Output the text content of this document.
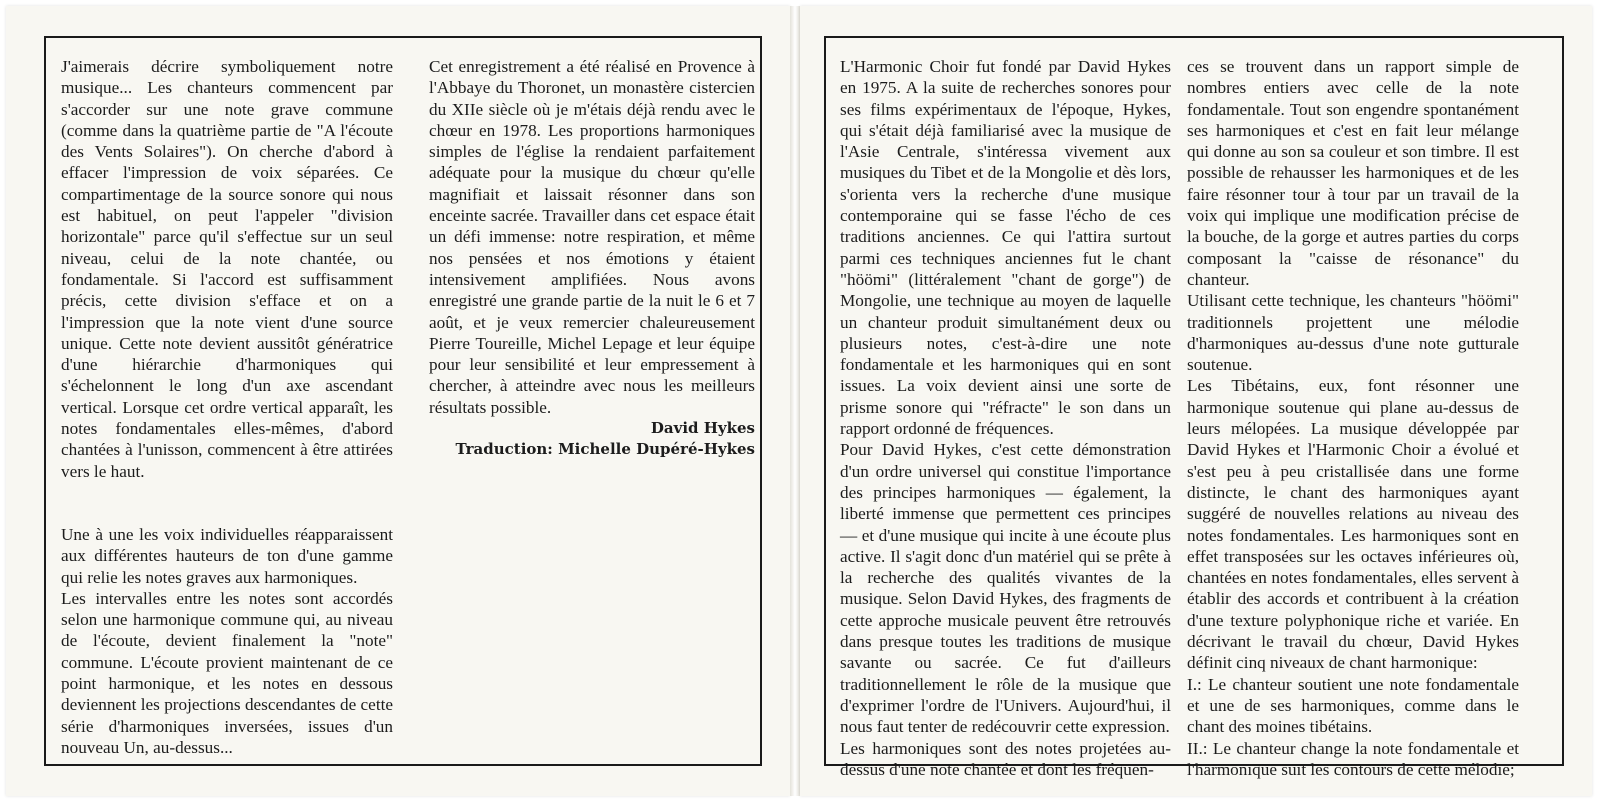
J'aimerais décrire symboliquement notre musique... Les chanteurs commencent par s'accorder sur une note grave commune (comme dans la quatrième partie de "A l'écoute des Vents Solaires"). On cherche d'abord à effacer l'impression de voix séparées. Ce compartimentage de la source sonore qui nous est habituel, on peut l'appeler "division horizontale" parce qu'il s'effectue sur un seul niveau, celui de la note chantée, ou fondamentale. Si l'accord est suffisamment précis, cette division s'efface et on a l'impression que la note vient d'une source unique. Cette note devient aussitôt génératrice d'une hiérarchie d'harmoniques qui s'échelonnent le long d'un axe ascendant vertical. Lorsque cet ordre vertical apparaît, les notes fondamentales elles-mêmes, d'abord chantées à l'unisson, commencent à être attirées vers le haut.

Une à une les voix individuelles réapparaissent aux différentes hauteurs de ton d'une gamme qui relie les notes graves aux harmoniques.

Les intervalles entre les notes sont accordés selon une harmonique commune qui, au niveau de l'écoute, devient finalement la "note" commune. L'écoute provient maintenant de ce point harmonique, et les notes en dessous deviennent les projections descendantes de cette série d'harmoniques inversées, issues d'un nouveau Un, au-dessus...

Cet enregistrement a été réalisé en Provence à l'Abbaye du Thoronet, un monastère cistercien du XIIe siècle où je m'étais déjà rendu avec le chœur en 1978. Les proportions harmoniques simples de l'église la rendaient parfaitement adéquate pour la musique du chœur qu'elle magnifiait et laissait résonner dans son enceinte sacrée. Travailler dans cet espace était un défi immense: notre respiration, et même nos pensées et nos émotions y étaient intensivement amplifiées. Nous avons enregistré une grande partie de la nuit le 6 et 7 août, et je veux remercier chaleureusement Pierre Toureille, Michel Lepage et leur équipe pour leur sensibilité et leur empressement à chercher, à atteindre avec nous les meilleurs résultats possible.

David Hykes

Traduction: Michelle Dupéré-Hykes

L'Harmonic Choir fut fondé par David Hykes en 1975. A la suite de recherches sonores pour ses films expérimentaux de l'époque, Hykes, qui s'était déjà familiarisé avec la musique de l'Asie Centrale, s'intéressa vivement aux musiques du Tibet et de la Mongolie et dès lors, s'orienta vers la recherche d'une musique contemporaine qui se fasse l'écho de ces traditions anciennes. Ce qui l'attira surtout parmi ces techniques anciennes fut le chant "höömi" (littéralement "chant de gorge") de Mongolie, une technique au moyen de laquelle un chanteur produit simultanément deux ou plusieurs notes, c'est-à-dire une note fondamentale et les harmoniques qui en sont issues. La voix devient ainsi une sorte de prisme sonore qui "réfracte" le son dans un rapport ordonné de fréquences.

Pour David Hykes, c'est cette démonstration d'un ordre universel qui constitue l'importance des principes harmoniques — également, la liberté immense que permettent ces principes — et d'une musique qui incite à une écoute plus active. Il s'agit donc d'un matériel qui se prête à la recherche des qualités vivantes de la musique. Selon David Hykes, des fragments de cette approche musicale peuvent être retrouvés dans presque toutes les traditions de musique savante ou sacrée. Ce fut d'ailleurs traditionnellement le rôle de la musique que d'exprimer l'ordre de l'Univers. Aujourd'hui, il nous faut tenter de redécouvrir cette expression.

Les harmoniques sont des notes projetées au-dessus d'une note chantée et dont les fréquen-

ces se trouvent dans un rapport simple de nombres entiers avec celle de la note fondamentale. Tout son engendre spontanément ses harmoniques et c'est en fait leur mélange qui donne au son sa couleur et son timbre. Il est possible de rehausser les harmoniques et de les faire résonner tour à tour par un travail de la voix qui implique une modification précise de la bouche, de la gorge et autres parties du corps composant la "caisse de résonance" du chanteur.

Utilisant cette technique, les chanteurs "höömi" traditionnels projettent une mélodie d'harmoniques au-dessus d'une note gutturale soutenue.

Les Tibétains, eux, font résonner une harmonique soutenue qui plane au-dessus de leurs mélopées. La musique développée par David Hykes et l'Harmonic Choir a évolué et s'est peu à peu cristallisée dans une forme distincte, le chant des harmoniques ayant suggéré de nouvelles relations au niveau des notes fondamentales. Les harmoniques sont en effet transposées sur les octaves inférieures où, chantées en notes fondamentales, elles servent à établir des accords et contribuent à la création d'une texture polyphonique riche et variée. En décrivant le travail du chœur, David Hykes définit cinq niveaux de chant harmonique:

I.: Le chanteur soutient une note fondamentale et une de ses harmoniques, comme dans le chant des moines tibétains.

II.: Le chanteur change la note fondamentale et l'harmonique suit les contours de cette mélodie;
